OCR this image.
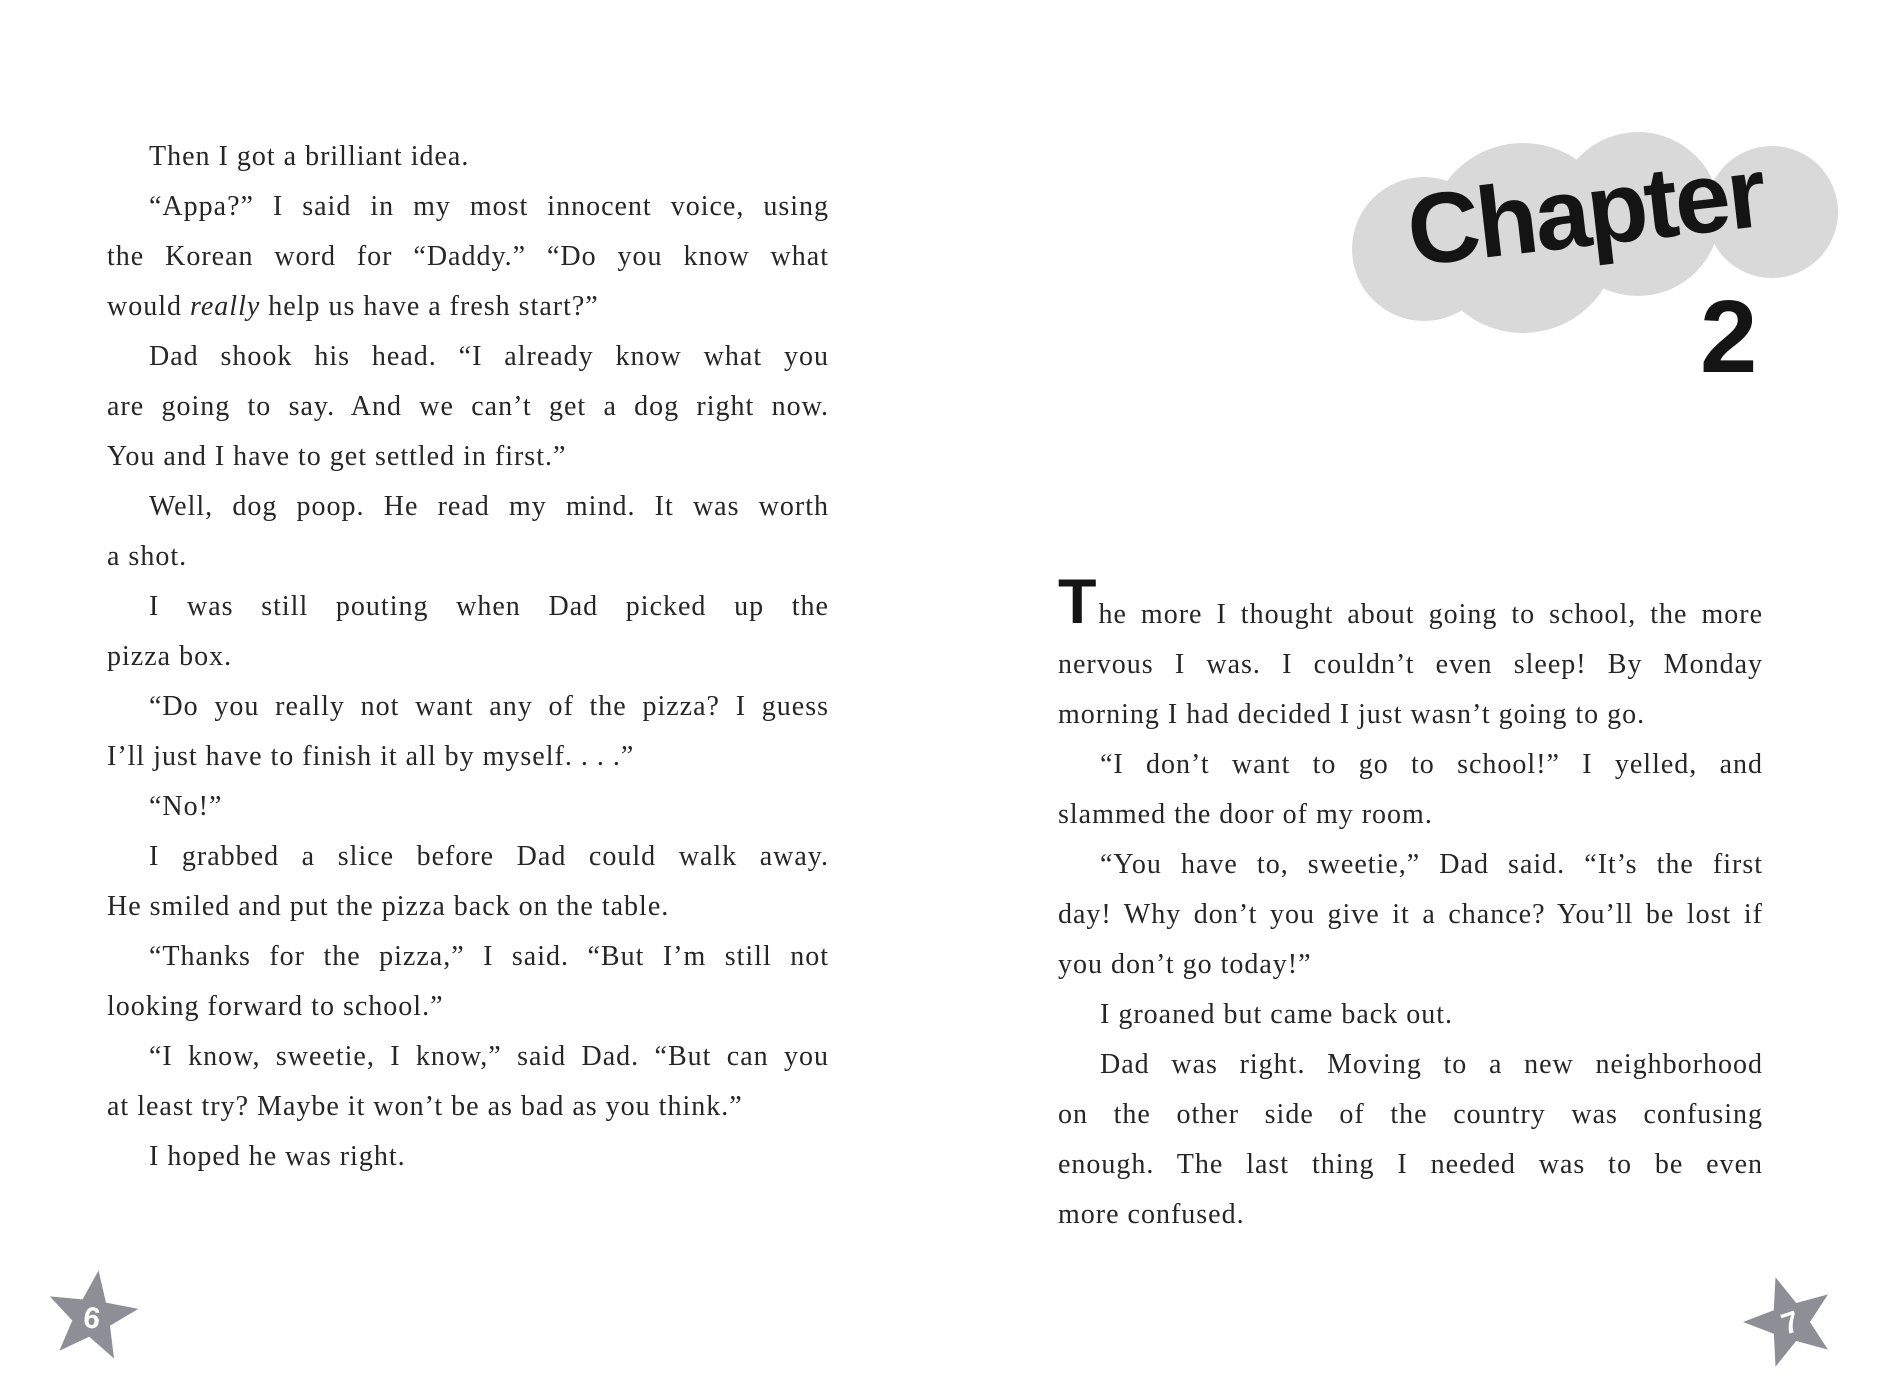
Then I got a brilliant idea.
“Appa?” I said in my most innocent voice, using
the Korean word for “Daddy.” “Do you know what
would really help us have a fresh start?”
Dad shook his head. “I already know what you
are going to say. And we can’t get a dog right now.
You and I have to get settled in first.”
Well, dog poop. He read my mind. It was worth
a shot.
I was still pouting when Dad picked up the
pizza box.
“Do you really not want any of the pizza? I guess
I’ll just have to finish it all by myself. . . .”
“No!”
I grabbed a slice before Dad could walk away.
He smiled and put the pizza back on the table.
“Thanks for the pizza,” I said. “But I’m still not
looking forward to school.”
“I know, sweetie, I know,” said Dad. “But can you
at least try? Maybe it won’t be as bad as you think.”
I hoped he was right.
Chapter
2
The more I thought about going to school, the more
nervous I was. I couldn’t even sleep! By Monday
morning I had decided I just wasn’t going to go.
“I don’t want to go to school!” I yelled, and
slammed the door of my room.
“You have to, sweetie,” Dad said. “It’s the first
day! Why don’t you give it a chance? You’ll be lost if
you don’t go today!”
I groaned but came back out.
Dad was right. Moving to a new neighborhood
on the other side of the country was confusing
enough. The last thing I needed was to be even
more confused.
6	7
